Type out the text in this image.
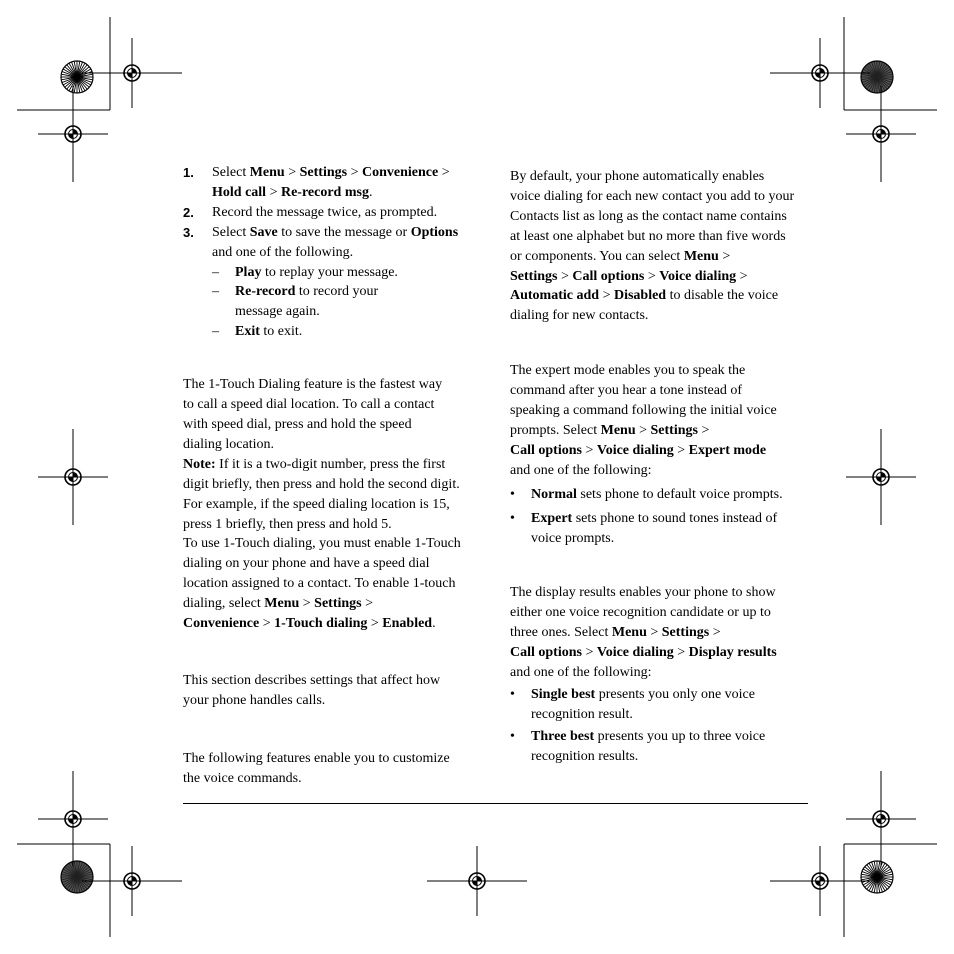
1. Select Menu > Settings > Convenience >
Hold call > Re-record msg.
2. Record the message twice, as prompted.
3. Select Save to save the message or Options
and one of the following.
– Play to replay your message.
– Re-record to record your
message again.
– Exit to exit.

The 1-Touch Dialing feature is the fastest way
to call a speed dial location. To call a contact
with speed dial, press and hold the speed
dialing location.

Note: If it is a two-digit number, press the first
digit briefly, then press and hold the second digit.
For example, if the speed dialing location is 15,
press 1 briefly, then press and hold 5.

To use 1-Touch dialing, you must enable 1-Touch
dialing on your phone and have a speed dial
location assigned to a contact. To enable 1-touch
dialing, select Menu > Settings >
Convenience > 1-Touch dialing > Enabled.

This section describes settings that affect how
your phone handles calls.

The following features enable you to customize
the voice commands.

By default, your phone automatically enables
voice dialing for each new contact you add to your
Contacts list as long as the contact name contains
at least one alphabet but no more than five words
or components. You can select Menu >
Settings > Call options > Voice dialing >
Automatic add > Disabled to disable the voice
dialing for new contacts.

The expert mode enables you to speak the
command after you hear a tone instead of
speaking a command following the initial voice
prompts. Select Menu > Settings >
Call options > Voice dialing > Expert mode
and one of the following:

• Normal sets phone to default voice prompts.
• Expert sets phone to sound tones instead of
voice prompts.

The display results enables your phone to show
either one voice recognition candidate or up to
three ones. Select Menu > Settings >
Call options > Voice dialing > Display results
and one of the following:

• Single best presents you only one voice
recognition result.
• Three best presents you up to three voice
recognition results.
